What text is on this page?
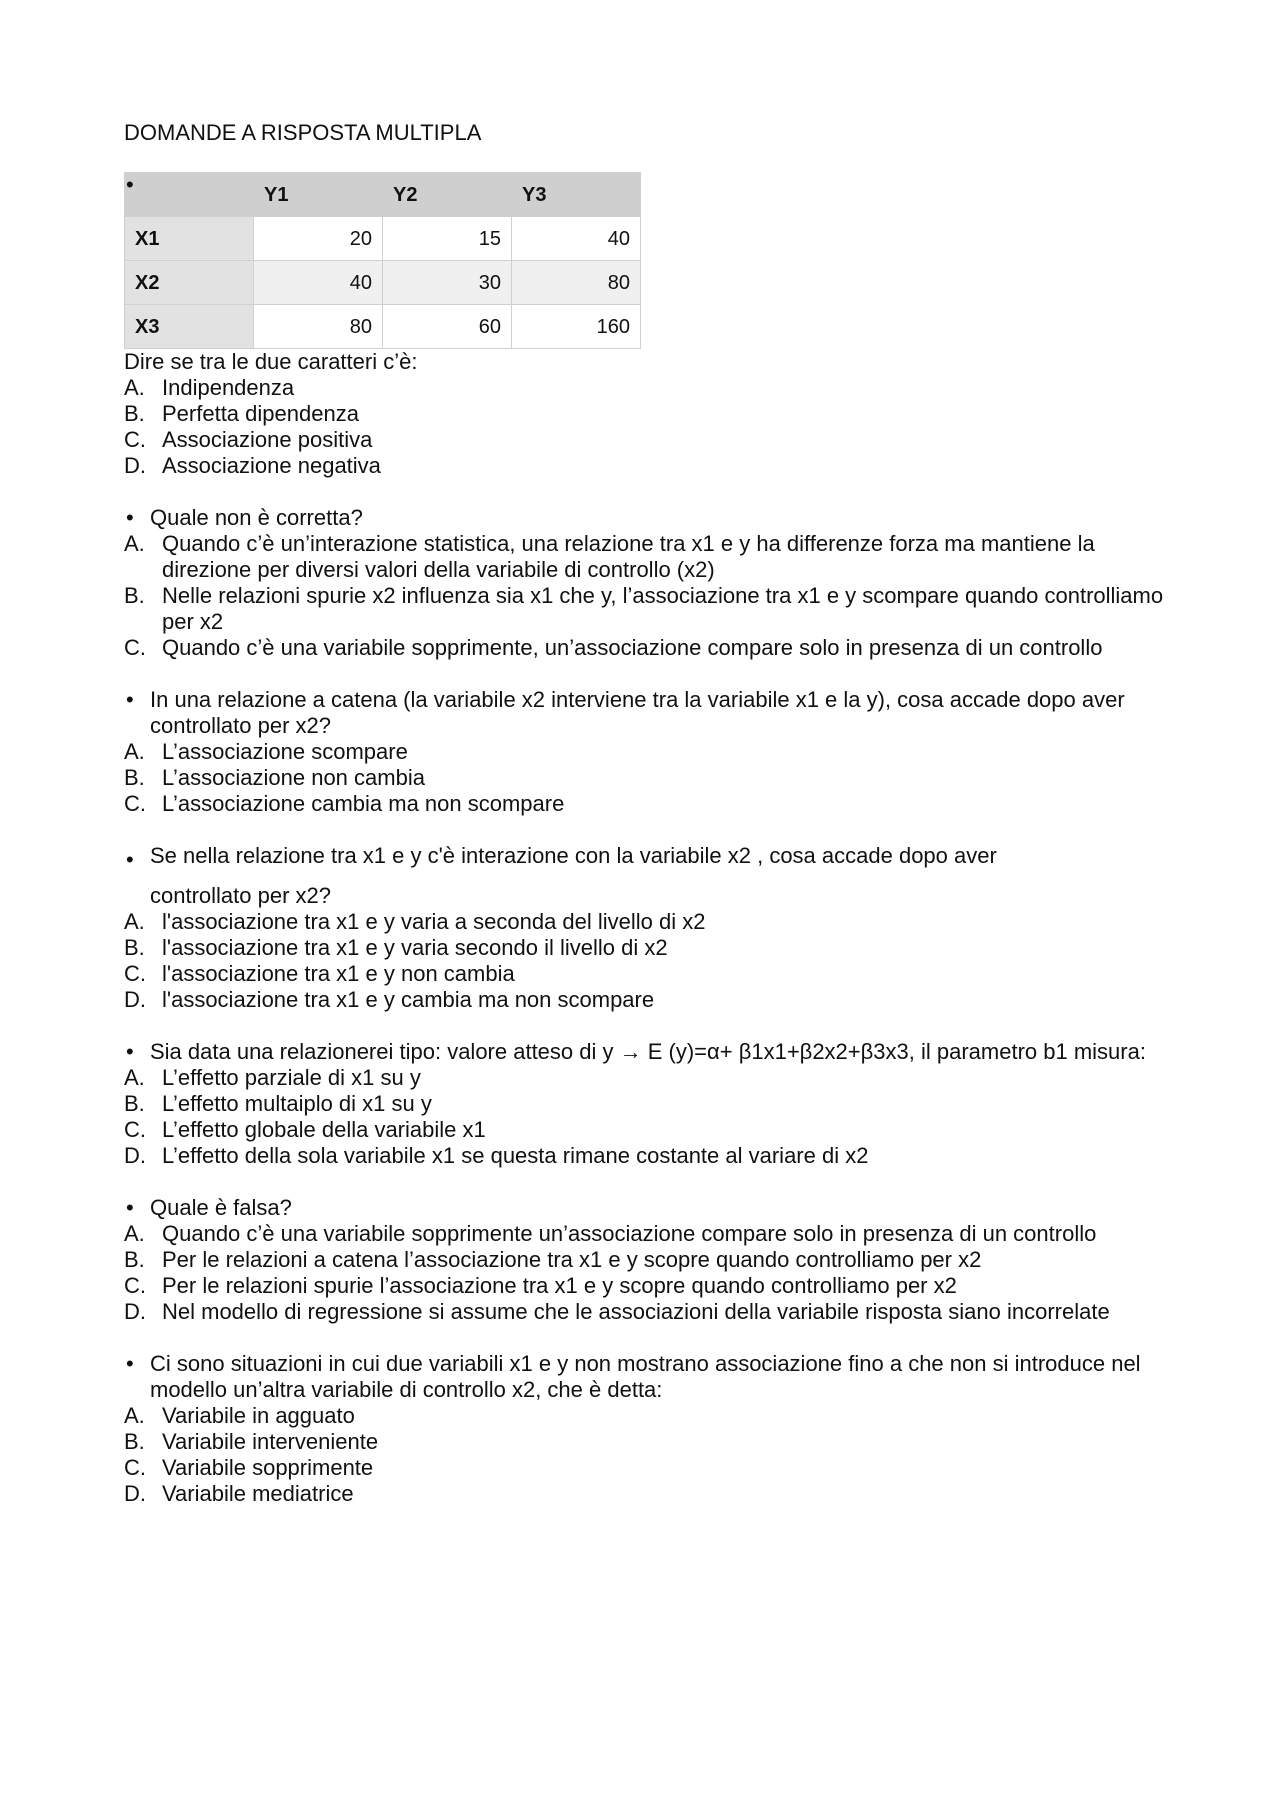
DOMANDE A RISPOSTA MULTIPLA
•
		Y1	Y2	Y3
X1	20	15	40
X2	40	30	80
X3	80	60	160
Dire se tra le due caratteri c’è:
A. Indipendenza
B. Perfetta dipendenza
C. Associazione positiva
D. Associazione negativa
• Quale non è corretta?
A. Quando c’è un’interazione statistica, una relazione tra x1 e y ha differenze forza ma mantiene la direzione per diversi valori della variabile di controllo (x2)
B. Nelle relazioni spurie x2 influenza sia x1 che y, l’associazione tra x1 e y scompare quando controlliamo per x2
C. Quando c’è una variabile sopprimente, un’associazione compare solo in presenza di un controllo
• In una relazione a catena (la variabile x2 interviene tra la variabile x1 e la y), cosa accade dopo aver controllato per x2?
A. L’associazione scompare
B. L’associazione non cambia
C. L’associazione cambia ma non scompare
• Se nella relazione tra x1 e y c'è interazione con la variabile x2 , cosa accade dopo aver
controllato per x2?
A. l'associazione tra x1 e y varia a seconda del livello di x2
B. l'associazione tra x1 e y varia secondo il livello di x2
C. l'associazione tra x1 e y non cambia
D. l'associazione tra x1 e y cambia ma non scompare
• Sia data una relazionerei tipo: valore atteso di y → E (y)=α+ β1x1+β2x2+β3x3, il parametro b1 misura:
A. L’effetto parziale di x1 su y
B. L’effetto multaiplo di x1 su y
C. L’effetto globale della variabile x1
D. L’effetto della sola variabile x1 se questa rimane costante al variare di x2
• Quale è falsa?
A. Quando c’è una variabile sopprimente un’associazione compare solo in presenza di un controllo
B. Per le relazioni a catena l’associazione tra x1 e y scopre quando controlliamo per x2
C. Per le relazioni spurie l’associazione tra x1 e y scopre quando controlliamo per x2
D. Nel modello di regressione si assume che le associazioni della variabile risposta siano incorrelate
• Ci sono situazioni in cui due variabili x1 e y non mostrano associazione fino a che non si introduce nel modello un’altra variabile di controllo x2, che è detta:
A. Variabile in agguato
B. Variabile interveniente
C. Variabile sopprimente
D. Variabile mediatrice
